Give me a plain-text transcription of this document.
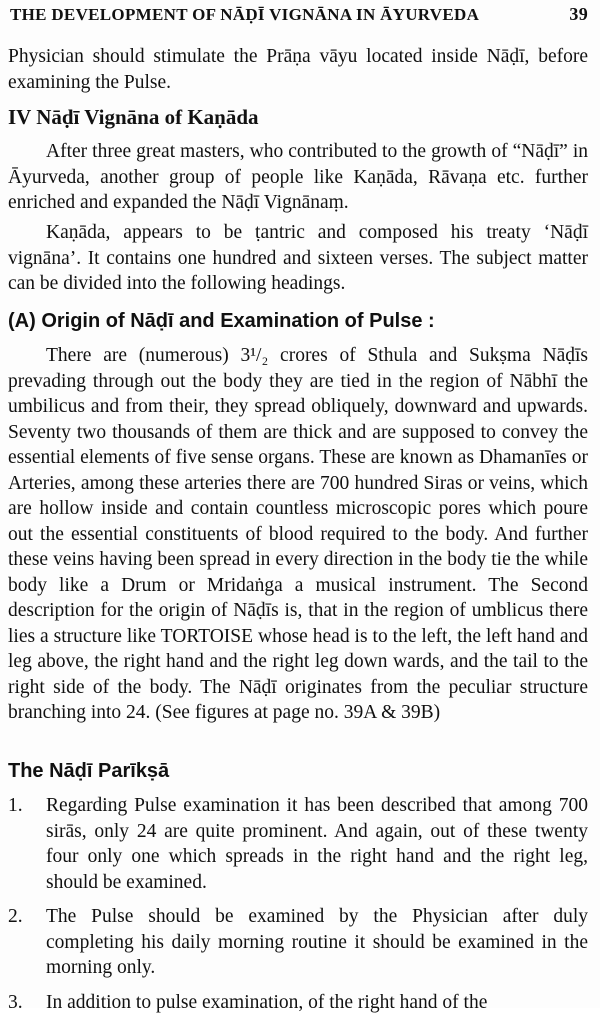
THE DEVELOPMENT OF NĀḌĪ VIGNĀNA IN ĀYURVEDA	39

Physician should stimulate the Prāṇa vāyu located inside Nāḍī, before examining the Pulse.

IV Nāḍī Vignāna of Kaṇāda

After three great masters, who contributed to the growth of “Nāḍī” in Āyurveda, another group of people like Kaṇāda, Rāvaṇa etc. further enriched and expanded the Nāḍī Vignānaṃ.

Kaṇāda, appears to be ṭantric and composed his treaty ‘Nāḍī vignāna’. It contains one hundred and sixteen verses. The subject matter can be divided into the following headings.

(A) Origin of Nāḍī and Examination of Pulse :

There are (numerous) 3¹/₂ crores of Sthula and Sukṣma Nāḍīs prevading through out the body they are tied in the region of Nābhī the umbilicus and from their, they spread obliquely, downward and upwards. Seventy two thousands of them are thick and are supposed to convey the essential elements of five sense organs. These are known as Dhamanīes or Arteries, among these arteries there are 700 hundred Siras or veins, which are hollow inside and contain countless microscopic pores which poure out the essential constituents of blood required to the body. And further these veins having been spread in every direction in the body tie the while body like a Drum or Mridaṅga a musical instrument. The Second description for the origin of Nāḍīs is, that in the region of umblicus there lies a structure like TORTOISE whose head is to the left, the left hand and leg above, the right hand and the right leg down wards, and the tail to the right side of the body. The Nāḍī originates from the peculiar structure branching into 24. (See figures at page no. 39A & 39B)

The Nāḍī Parīkṣā
1.	Regarding Pulse examination it has been described that among 700 sirās, only 24 are quite prominent. And again, out of these twenty four only one which spreads in the right hand and the right leg, should be examined.
2.	The Pulse should be examined by the Physician after duly completing his daily morning routine it should be examined in the morning only.
3.	In addition to pulse examination, of the right hand of the
